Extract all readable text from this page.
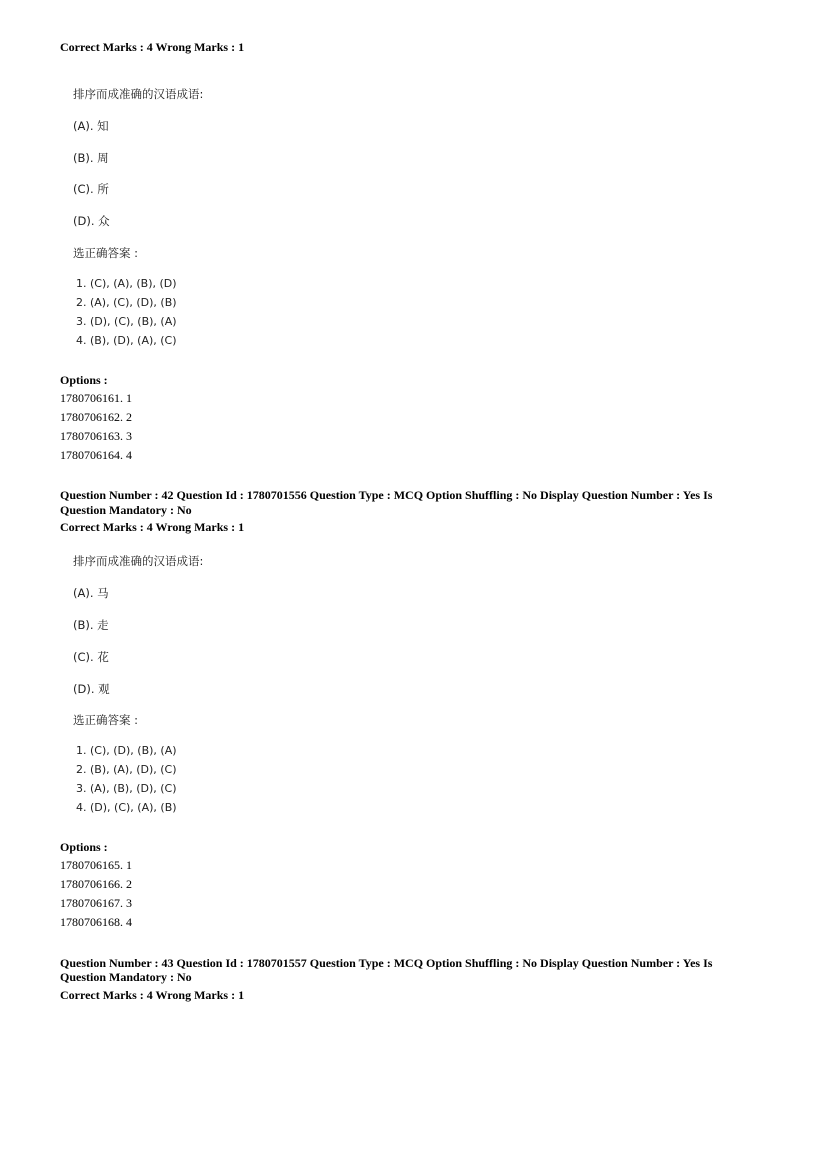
Correct Marks : 4 Wrong Marks : 1
排序而成准确的汉语成语:
(A). 知
(B). 周
(C). 所
(D). 众
选正确答案 :
1. (C), (A), (B), (D)
2. (A), (C), (D), (B)
3. (D), (C), (B), (A)
4. (B), (D), (A), (C)
Options :
1780706161. 1
1780706162. 2
1780706163. 3
1780706164. 4
Question Number : 42 Question Id : 1780701556 Question Type : MCQ Option Shuffling : No Display Question Number : Yes Is
Question Mandatory : No
Correct Marks : 4 Wrong Marks : 1
排序而成准确的汉语成语:
(A). 马
(B). 走
(C). 花
(D). 观
选正确答案 :
1. (C), (D), (B), (A)
2. (B), (A), (D), (C)
3. (A), (B), (D), (C)
4. (D), (C), (A), (B)
Options :
1780706165. 1
1780706166. 2
1780706167. 3
1780706168. 4
Question Number : 43 Question Id : 1780701557 Question Type : MCQ Option Shuffling : No Display Question Number : Yes Is
Question Mandatory : No
Correct Marks : 4 Wrong Marks : 1
